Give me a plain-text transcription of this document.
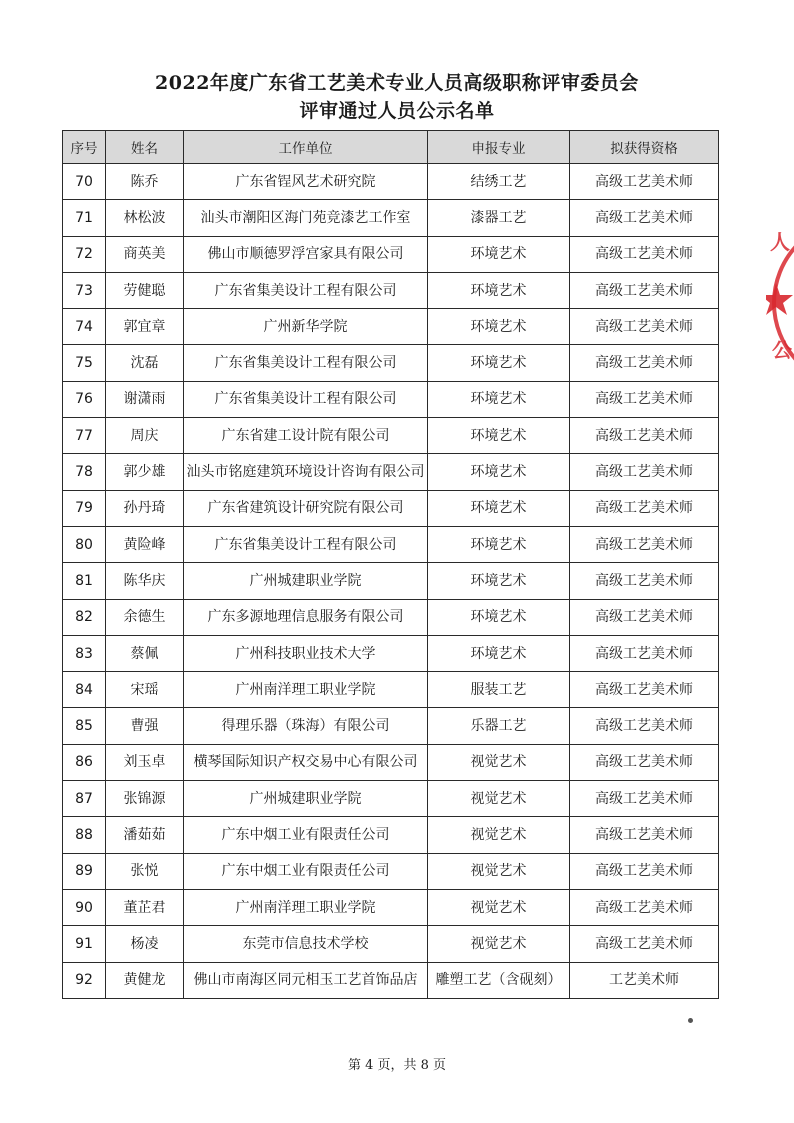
2022年度广东省工艺美术专业人员高级职称评审委员会
评审通过人员公示名单
序号	姓名	工作单位	申报专业	拟获得资格
70	陈乔	广东省锃风艺术研究院	结绣工艺	高级工艺美术师
71	林松波	汕头市潮阳区海门苑竞漆艺工作室	漆器工艺	高级工艺美术师
72	商英美	佛山市顺德罗浮宫家具有限公司	环境艺术	高级工艺美术师
73	劳健聪	广东省集美设计工程有限公司	环境艺术	高级工艺美术师
74	郭宜章	广州新华学院	环境艺术	高级工艺美术师
75	沈磊	广东省集美设计工程有限公司	环境艺术	高级工艺美术师
76	谢潇雨	广东省集美设计工程有限公司	环境艺术	高级工艺美术师
77	周庆	广东省建工设计院有限公司	环境艺术	高级工艺美术师
78	郭少雄	汕头市铭庭建筑环境设计咨询有限公司	环境艺术	高级工艺美术师
79	孙丹琦	广东省建筑设计研究院有限公司	环境艺术	高级工艺美术师
80	黄险峰	广东省集美设计工程有限公司	环境艺术	高级工艺美术师
81	陈华庆	广州城建职业学院	环境艺术	高级工艺美术师
82	余德生	广东多源地理信息服务有限公司	环境艺术	高级工艺美术师
83	蔡佩	广州科技职业技术大学	环境艺术	高级工艺美术师
84	宋瑶	广州南洋理工职业学院	服装工艺	高级工艺美术师
85	曹强	得理乐器（珠海）有限公司	乐器工艺	高级工艺美术师
86	刘玉卓	横琴国际知识产权交易中心有限公司	视觉艺术	高级工艺美术师
87	张锦源	广州城建职业学院	视觉艺术	高级工艺美术师
88	潘茹茹	广东中烟工业有限责任公司	视觉艺术	高级工艺美术师
89	张悦	广东中烟工业有限责任公司	视觉艺术	高级工艺美术师
90	董芷君	广州南洋理工职业学院	视觉艺术	高级工艺美术师
91	杨凌	东莞市信息技术学校	视觉艺术	高级工艺美术师
92	黄健龙	佛山市南海区同元相玉工艺首饰品店	雕塑工艺（含砚刻）	工艺美术师
人
公
第 4 页，共 8 页
